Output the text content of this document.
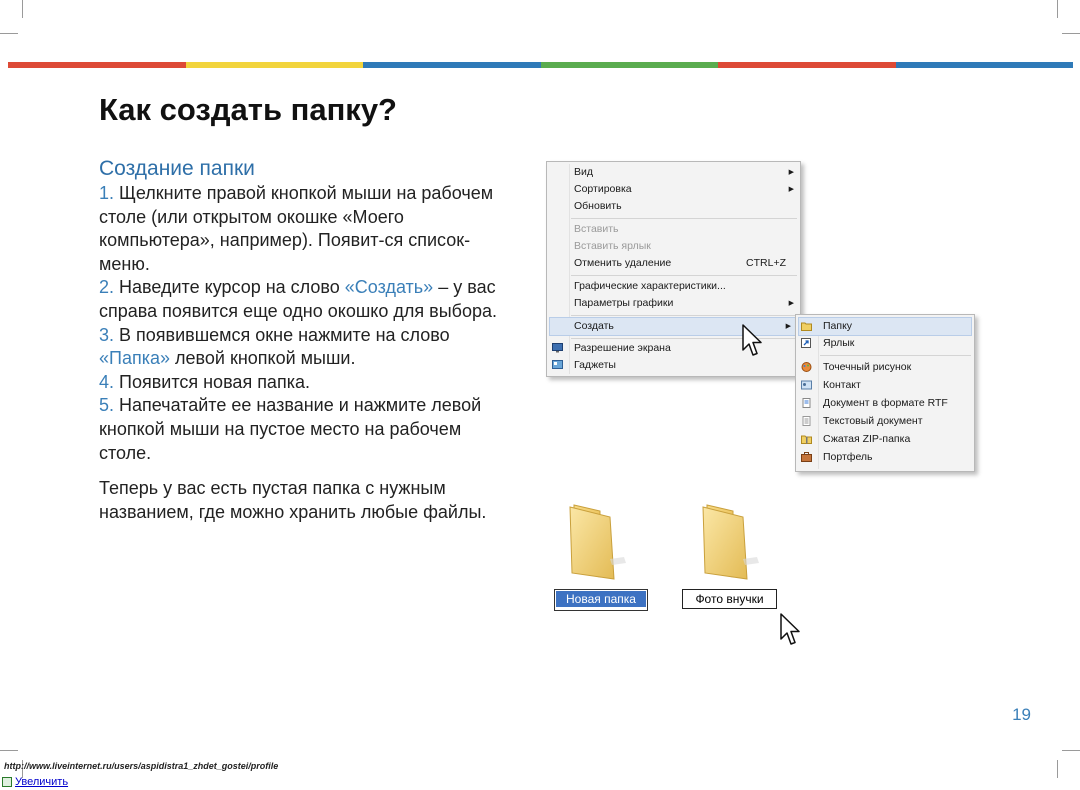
Как создать папку?
Создание папки

1. Щелкните правой кнопкой мыши на рабочем столе (или открытом окошке «Моего компьютера», например). Появит-ся список-меню.

2. Наведите курсор на слово «Создать» – у вас справа появится еще одно окошко для выбора.

3. В появившемся окне нажмите на слово «Папка» левой кнопкой мыши.

4. Появится новая папка.

5. Напечатайте ее название и нажмите левой кнопкой мыши на пустое место на рабочем столе.

Теперь у вас есть пустая папка с нужным названием, где можно хранить любые файлы.

Вид	▶
Сортировка	▶
Обновить
Вставить
Вставить ярлык
Отменить удаление	CTRL+Z
Графические характеристики...
Параметры графики	▶
Создать	▶
Разрешение экрана
Гаджеты
Папку
Ярлык
Точечный рисунок
Контакт
Документ в формате RTF
Текстовый документ
Сжатая ZIP-папка
Портфель
Новая папка	Фото внучки
19
http://www.liveinternet.ru/users/aspidistra1_zhdet_gostei/profile
Увеличить
